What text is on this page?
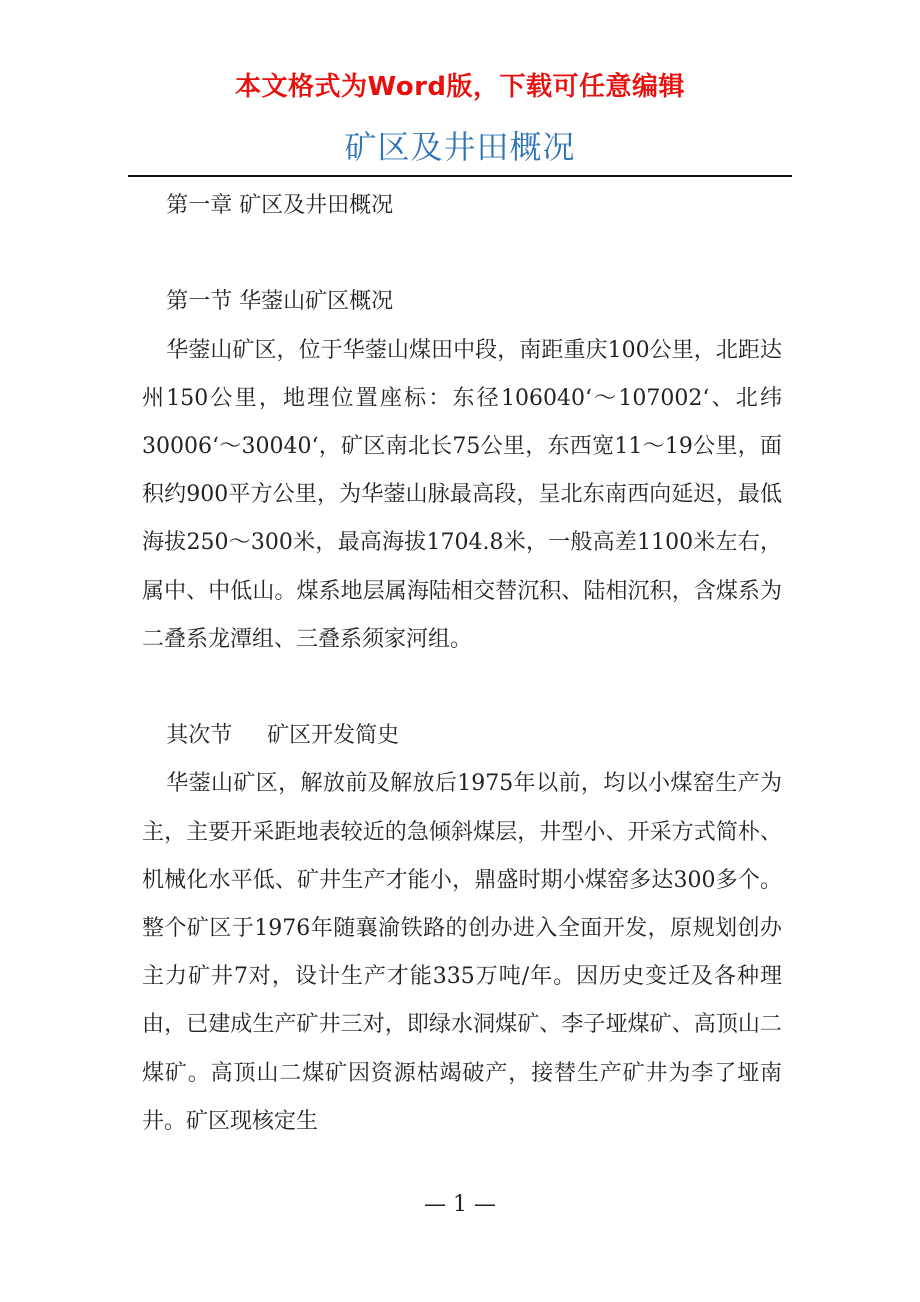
本文格式为Word版，下载可任意编辑
矿区及井田概况

第一章 矿区及井田概况

第一节 华蓥山矿区概况

华蓥山矿区，位于华蓥山煤田中段，南距重庆100公里，北距达州150公里，地理位置座标：东径106040‘～107002‘、北纬30006‘～30040‘，矿区南北长75公里，东西宽11～19公里，面积约900平方公里，为华蓥山脉最高段，呈北东南西向延迟，最低海拔250～300米，最高海拔1704.8米，一般高差1100米左右，属中、中低山。煤系地层属海陆相交替沉积、陆相沉积，含煤系为二叠系龙潭组、三叠系须家河组。

其次节     矿区开发简史

华蓥山矿区，解放前及解放后1975年以前，均以小煤窑生产为主，主要开采距地表较近的急倾斜煤层，井型小、开采方式简朴、机械化水平低、矿井生产才能小，鼎盛时期小煤窑多达300多个。整个矿区于1976年随襄渝铁路的创办进入全面开发，原规划创办主力矿井7对，设计生产才能335万吨/年。因历史变迁及各种理由，已建成生产矿井三对，即绿水洞煤矿、李子垭煤矿、高顶山二煤矿。高顶山二煤矿因资源枯竭破产，接替生产矿井为李了垭南井。矿区现核定生

— 1 —
